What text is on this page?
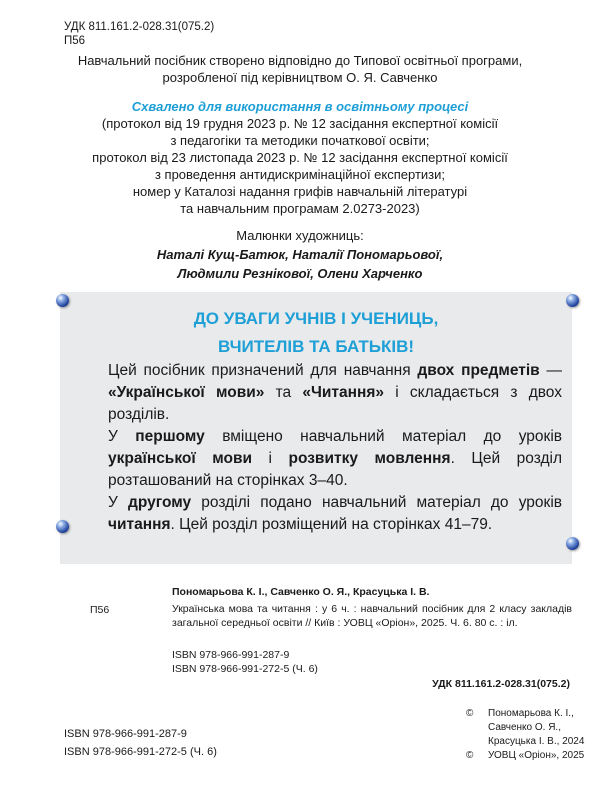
УДК 811.161.2-028.31(075.2)
П56
Навчальний посібник створено відповідно до Типової освітньої програми,
розробленої під керівництвом О. Я. Савченко
Схвалено для використання в освітньому процесі
(протокол від 19 грудня 2023 р. № 12 засідання експертної комісії
з педагогіки та методики початкової освіти;
протокол від 23 листопада 2023 р. № 12 засідання експертної комісії
з проведення антидискримінаційної експертизи;
номер у Каталозі надання грифів навчальній літературі
та навчальним програмам 2.0273-2023)
Малюнки художниць:
Наталі Кущ-Батюк, Наталії Пономарьової,
Людмили Резнікової, Олени Харченко
ДО УВАГИ УЧНІВ І УЧЕНИЦЬ,
ВЧИТЕЛІВ ТА БАТЬКІВ!

Цей посібник призначений для навчання двох предметів — «Української мови» та «Читання» і складається з двох розділів.

У першому вміщено навчальний матеріал до уроків української мови і розвитку мовлення. Цей розділ розташований на сторінках 3–40.

У другому розділі подано навчальний матеріал до уроків читання. Цей розділ розміщений на сторінках 41–79.

П56
Пономарьова К. І., Савченко О. Я., Красуцька І. В.
Українська мова та читання : у 6 ч. : навчальний посібник для 2 класу закладів загальної середньої освіти // Київ : УОВЦ «Оріон», 2025. Ч. 6. 80 с. : іл.
ISBN 978-966-991-287-9
ISBN 978-966-991-272-5 (Ч. 6)
УДК 811.161.2-028.31(075.2)
ISBN 978-966-991-287-9
ISBN 978-966-991-272-5 (Ч. 6)
© Пономарьова К. І.,
Савченко О. Я.,
Красуцька І. В., 2024
© УОВЦ «Оріон», 2025
